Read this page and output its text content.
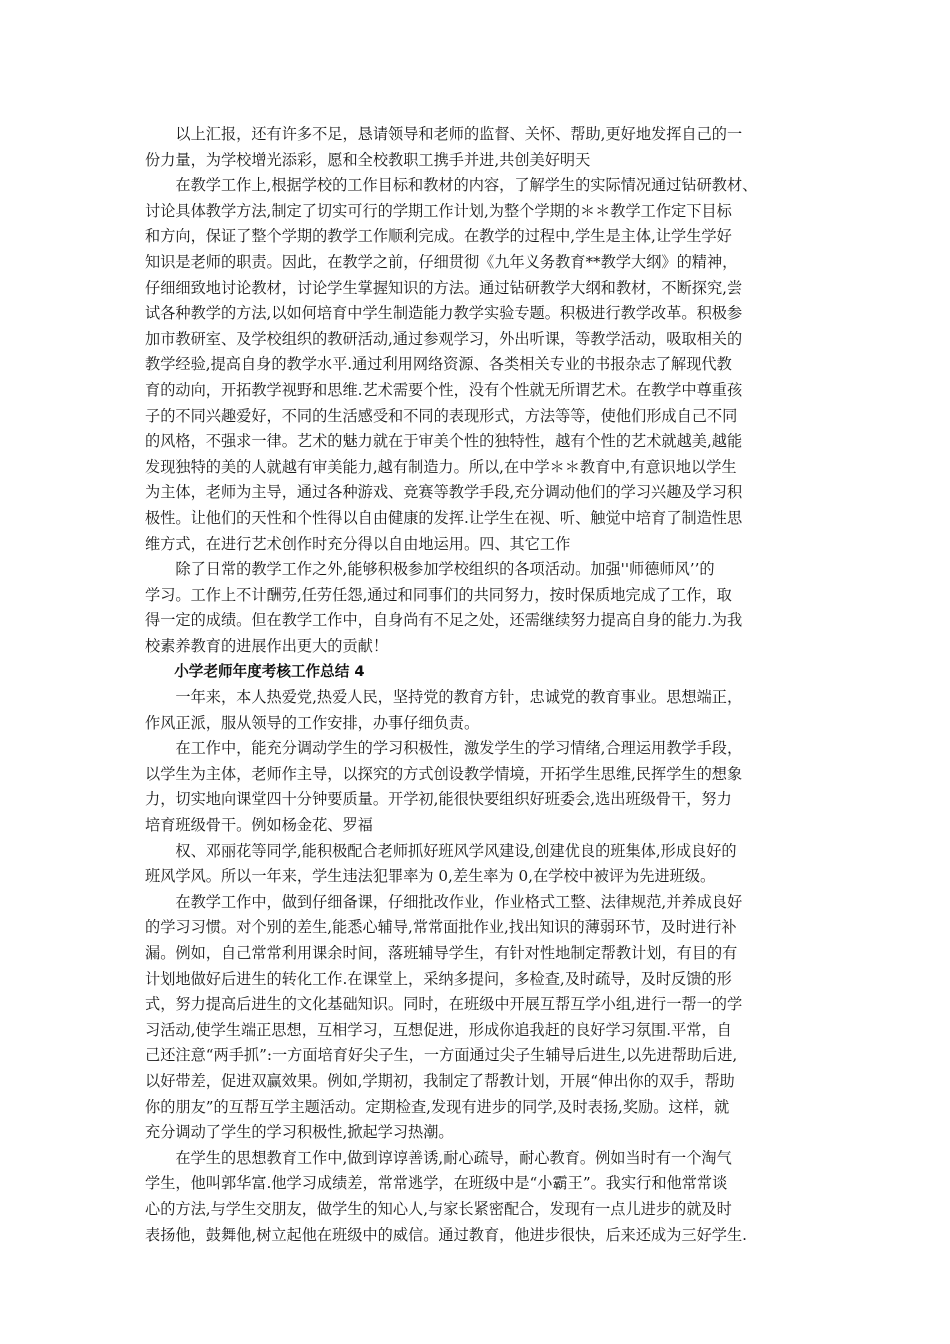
以上汇报，还有许多不足，恳请领导和老师的监督、关怀、帮助,更好地发挥自己的一
份力量，为学校增光添彩，愿和全校教职工携手并进,共创美好明天
在教学工作上,根据学校的工作目标和教材的内容，了解学生的实际情况通过钻研教材、
讨论具体教学方法,制定了切实可行的学期工作计划,为整个学期的＊＊教学工作定下目标
和方向，保证了整个学期的教学工作顺利完成。在教学的过程中,学生是主体,让学生学好
知识是老师的职责。因此，在教学之前，仔细贯彻《九年义务教育**教学大纲》的精神，
仔细细致地讨论教材，讨论学生掌握知识的方法。通过钻研教学大纲和教材，不断探究,尝
试各种教学的方法,以如何培育中学生制造能力教学实验专题。积极进行教学改革。积极参
加市教研室、及学校组织的教研活动,通过参观学习，外出听课，等教学活动，吸取相关的
教学经验,提高自身的教学水平.通过利用网络资源、各类相关专业的书报杂志了解现代教
育的动向，开拓教学视野和思维.艺术需要个性，没有个性就无所谓艺术。在教学中尊重孩
子的不同兴趣爱好，不同的生活感受和不同的表现形式，方法等等，使他们形成自己不同
的风格，不强求一律。艺术的魅力就在于审美个性的独特性，越有个性的艺术就越美,越能
发现独特的美的人就越有审美能力,越有制造力。所以,在中学＊＊教育中,有意识地以学生
为主体，老师为主导，通过各种游戏、竞赛等教学手段,充分调动他们的学习兴趣及学习积
极性。让他们的天性和个性得以自由健康的发挥.让学生在视、听、触觉中培育了制造性思
维方式，在进行艺术创作时充分得以自由地运用。四、其它工作
除了日常的教学工作之外,能够积极参加学校组织的各项活动。加强''师德师风’’的
学习。工作上不计酬劳,任劳任怨,通过和同事们的共同努力，按时保质地完成了工作，取
得一定的成绩。但在教学工作中，自身尚有不足之处，还需继续努力提高自身的能力.为我
校素养教育的进展作出更大的贡献！
小学老师年度考核工作总结 4
一年来，本人热爱党,热爱人民，坚持党的教育方针，忠诚党的教育事业。思想端正，
作风正派，服从领导的工作安排，办事仔细负责。
在工作中，能充分调动学生的学习积极性，激发学生的学习情绪,合理运用教学手段，
以学生为主体，老师作主导，以探究的方式创设教学情境，开拓学生思维,民挥学生的想象
力，切实地向课堂四十分钟要质量。开学初,能很快要组织好班委会,选出班级骨干，努力
培育班级骨干。例如杨金花、罗福
权、邓丽花等同学,能积极配合老师抓好班风学风建设,创建优良的班集体,形成良好的
班风学风。所以一年来，学生违法犯罪率为 0,差生率为 0,在学校中被评为先进班级。
在教学工作中，做到仔细备课，仔细批改作业，作业格式工整、法律规范,并养成良好
的学习习惯。对个别的差生,能悉心辅导,常常面批作业,找出知识的薄弱环节，及时进行补
漏。例如，自己常常利用课余时间，落班辅导学生，有针对性地制定帮教计划，有目的有
计划地做好后进生的转化工作.在课堂上，采纳多提问，多检查,及时疏导，及时反馈的形
式，努力提高后进生的文化基础知识。同时，在班级中开展互帮互学小组,进行一帮一的学
习活动,使学生端正思想，互相学习，互想促进，形成你追我赶的良好学习氛围.平常，自
己还注意“两手抓”:一方面培育好尖子生，一方面通过尖子生辅导后进生,以先进帮助后进,
以好带差，促进双赢效果。例如,学期初，我制定了帮教计划，开展“伸出你的双手，帮助
你的朋友”的互帮互学主题活动。定期检查,发现有进步的同学,及时表扬,奖励。这样，就
充分调动了学生的学习积极性,掀起学习热潮。
在学生的思想教育工作中,做到谆谆善诱,耐心疏导，耐心教育。例如当时有一个淘气
学生，他叫郭华富.他学习成绩差，常常逃学，在班级中是“小霸王”。我实行和他常常谈
心的方法,与学生交朋友，做学生的知心人,与家长紧密配合，发现有一点儿进步的就及时
表扬他，鼓舞他,树立起他在班级中的威信。通过教育，他进步很快，后来还成为三好学生.
